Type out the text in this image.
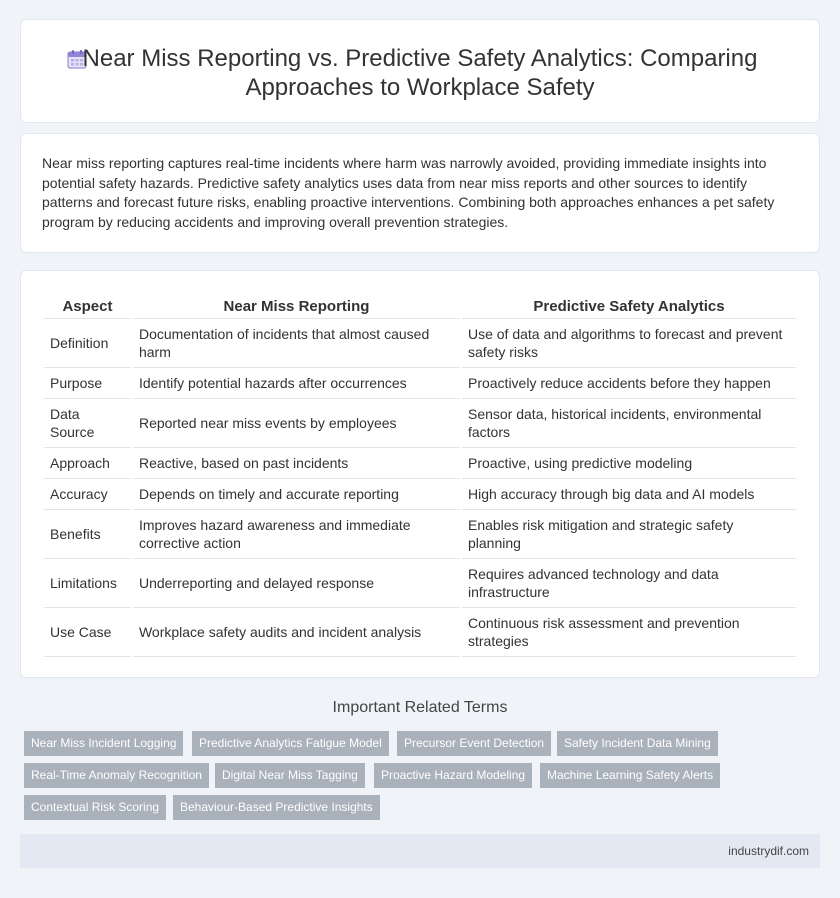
Near Miss Reporting vs. Predictive Safety Analytics: Comparing
Approaches to Workplace Safety

Near miss reporting captures real-time incidents where harm was narrowly avoided, providing immediate insights into potential safety hazards. Predictive safety analytics uses data from near miss reports and other sources to identify patterns and forecast future risks, enabling proactive interventions. Combining both approaches enhances a pet safety program by reducing accidents and improving overall prevention strategies.

Aspect	Near Miss Reporting	Predictive Safety Analytics
Definition	Documentation of incidents that almost caused harm	Use of data and algorithms to forecast and prevent safety risks
Purpose	Identify potential hazards after occurrences	Proactively reduce accidents before they happen
Data Source	Reported near miss events by employees	Sensor data, historical incidents, environmental factors
Approach	Reactive, based on past incidents	Proactive, using predictive modeling
Accuracy	Depends on timely and accurate reporting	High accuracy through big data and AI models
Benefits	Improves hazard awareness and immediate corrective action	Enables risk mitigation and strategic safety planning
Limitations	Underreporting and delayed response	Requires advanced technology and data infrastructure
Use Case	Workplace safety audits and incident analysis	Continuous risk assessment and prevention strategies
Important Related Terms
Near Miss Incident Logging	Predictive Analytics Fatigue Model	Precursor Event Detection	Safety Incident Data Mining
Real-Time Anomaly Recognition	Digital Near Miss Tagging	Proactive Hazard Modeling	Machine Learning Safety Alerts
Contextual Risk Scoring	Behaviour-Based Predictive Insights
industrydif.com
